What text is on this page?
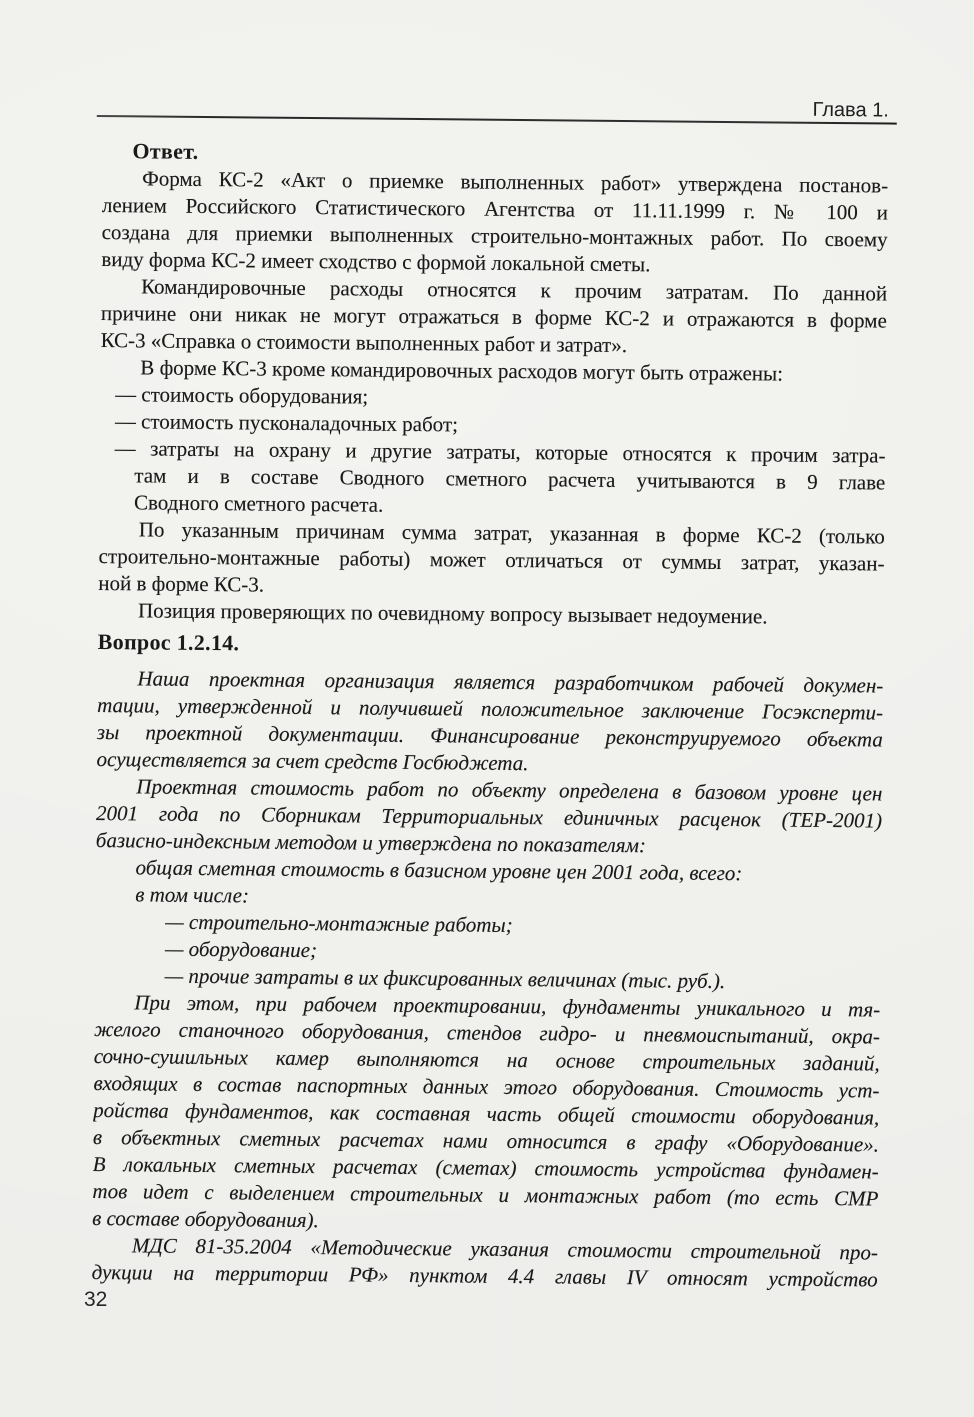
Глава 1.
Ответ.
Форма КС-2 «Акт о приемке выполненных работ» утверждена постанов-
лением Российского Статистического Агентства от 11.11.1999 г. № 100 и
создана для приемки выполненных строительно-монтажных работ. По своему
виду форма КС-2 имеет сходство с формой локальной сметы.
Командировочные расходы относятся к прочим затратам. По данной
причине они никак не могут отражаться в форме КС-2 и отражаются в форме
КС-3 «Справка о стоимости выполненных работ и затрат».
В форме КС-3 кроме командировочных расходов могут быть отражены:
— стоимость оборудования;
— стоимость пусконаладочных работ;
— затраты на охрану и другие затраты, которые относятся к прочим затра-
там и в составе Сводного сметного расчета учитываются в 9 главе
Сводного сметного расчета.
По указанным причинам сумма затрат, указанная в форме КС-2 (только
строительно-монтажные работы) может отличаться от суммы затрат, указан-
ной в форме КС-3.
Позиция проверяющих по очевидному вопросу вызывает недоумение.
Вопрос 1.2.14.
Наша проектная организация является разработчиком рабочей докумен-
тации, утвержденной и получившей положительное заключение Госэксперти-
зы проектной документации. Финансирование реконструируемого объекта
осуществляется за счет средств Госбюджета.
Проектная стоимость работ по объекту определена в базовом уровне цен
2001 года по Сборникам Территориальных единичных расценок (ТЕР-2001)
базисно-индексным методом и утверждена по показателям:
общая сметная стоимость в базисном уровне цен 2001 года, всего:
в том числе:
— строительно-монтажные работы;
— оборудование;
— прочие затраты в их фиксированных величинах (тыс. руб.).
При этом, при рабочем проектировании, фундаменты уникального и тя-
желого станочного оборудования, стендов гидро- и пневмоиспытаний, окра-
сочно-сушильных камер выполняются на основе строительных заданий,
входящих в состав паспортных данных этого оборудования. Стоимость уст-
ройства фундаментов, как составная часть общей стоимости оборудования,
в объектных сметных расчетах нами относится в графу «Оборудование».
В локальных сметных расчетах (сметах) стоимость устройства фундамен-
тов идет с выделением строительных и монтажных работ (то есть СМР
в составе оборудования).
МДС 81-35.2004 «Методические указания стоимости строительной про-
дукции на территории РФ» пунктом 4.4 главы IV относят устройство
32
